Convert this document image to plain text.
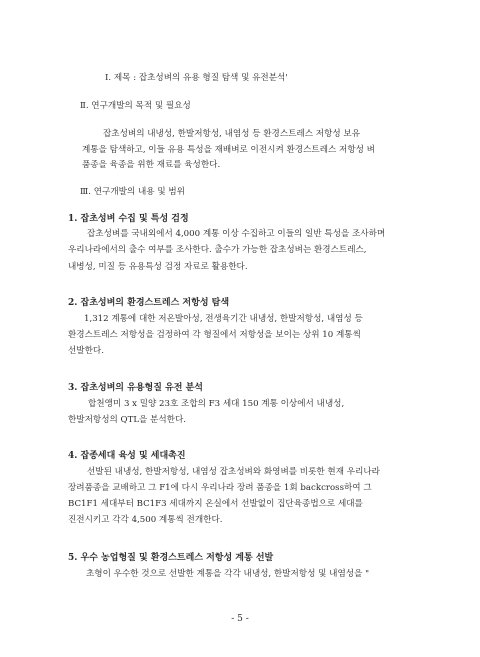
Ⅰ. 제목 : 잡초성벼의 유용 형질 탐색 및 유전분석'
Ⅱ. 연구개발의 목적 및 필요성
잡초성벼의 내냉성, 한발저항성, 내염성 등 환경스트레스 저항성 보유
계통을 탐색하고, 이들 유용 특성을 재배벼로 이전시켜 환경스트레스 저항성 벼
품종을 육종을 위한 재료를 육성한다.
Ⅲ. 연구개발의 내용 및 범위
1. 잡초성벼 수집 및 특성 검정
잡초성벼를 국내외에서 4,000 계통 이상 수집하고 이들의 일반 특성을 조사하며
우리나라에서의 출수 여부를 조사한다. 출수가 가능한 잡초성벼는 환경스트레스,
내병성, 미질 등 유용특성 검정 자료로 활용한다.
2. 잡초성벼의 환경스트레스 저항성 탐색
1,312 계통에 대한 저온발아성, 전생육기간 내냉성, 한발저항성, 내염성 등
환경스트레스 저항성을 검정하여 각 형질에서 저항성을 보이는 상위 10 계통씩
선발한다.
3. 잡초성벼의 유용형질 유전 분석
합천앵미 3 x 밀양 23호 조합의 F3 세대 150 계통 이상에서 내냉성,
한발저항성의 QTL을 분석한다.
4. 잡종세대 육성 및 세대촉진
선발된 내냉성, 한발저항성, 내염성 잡초성벼와 화영벼를 비롯한 현재 우리나라
장려품종을 교배하고 그 F1에 다시 우리나라 장려 품종을 1회 backcross하여 그
BC1F1 세대부터 BC1F3 세대까지 온실에서 선발없이 집단육종법으로 세대를
진전시키고 각각 4,500 계통씩 전개한다.
5. 우수 농업형질 및 환경스트레스 저항성 계통 선발
초형이 우수한 것으로 선발한 계통을 각각 내냉성, 한발저항성 및 내염성을 "
- 5 -
